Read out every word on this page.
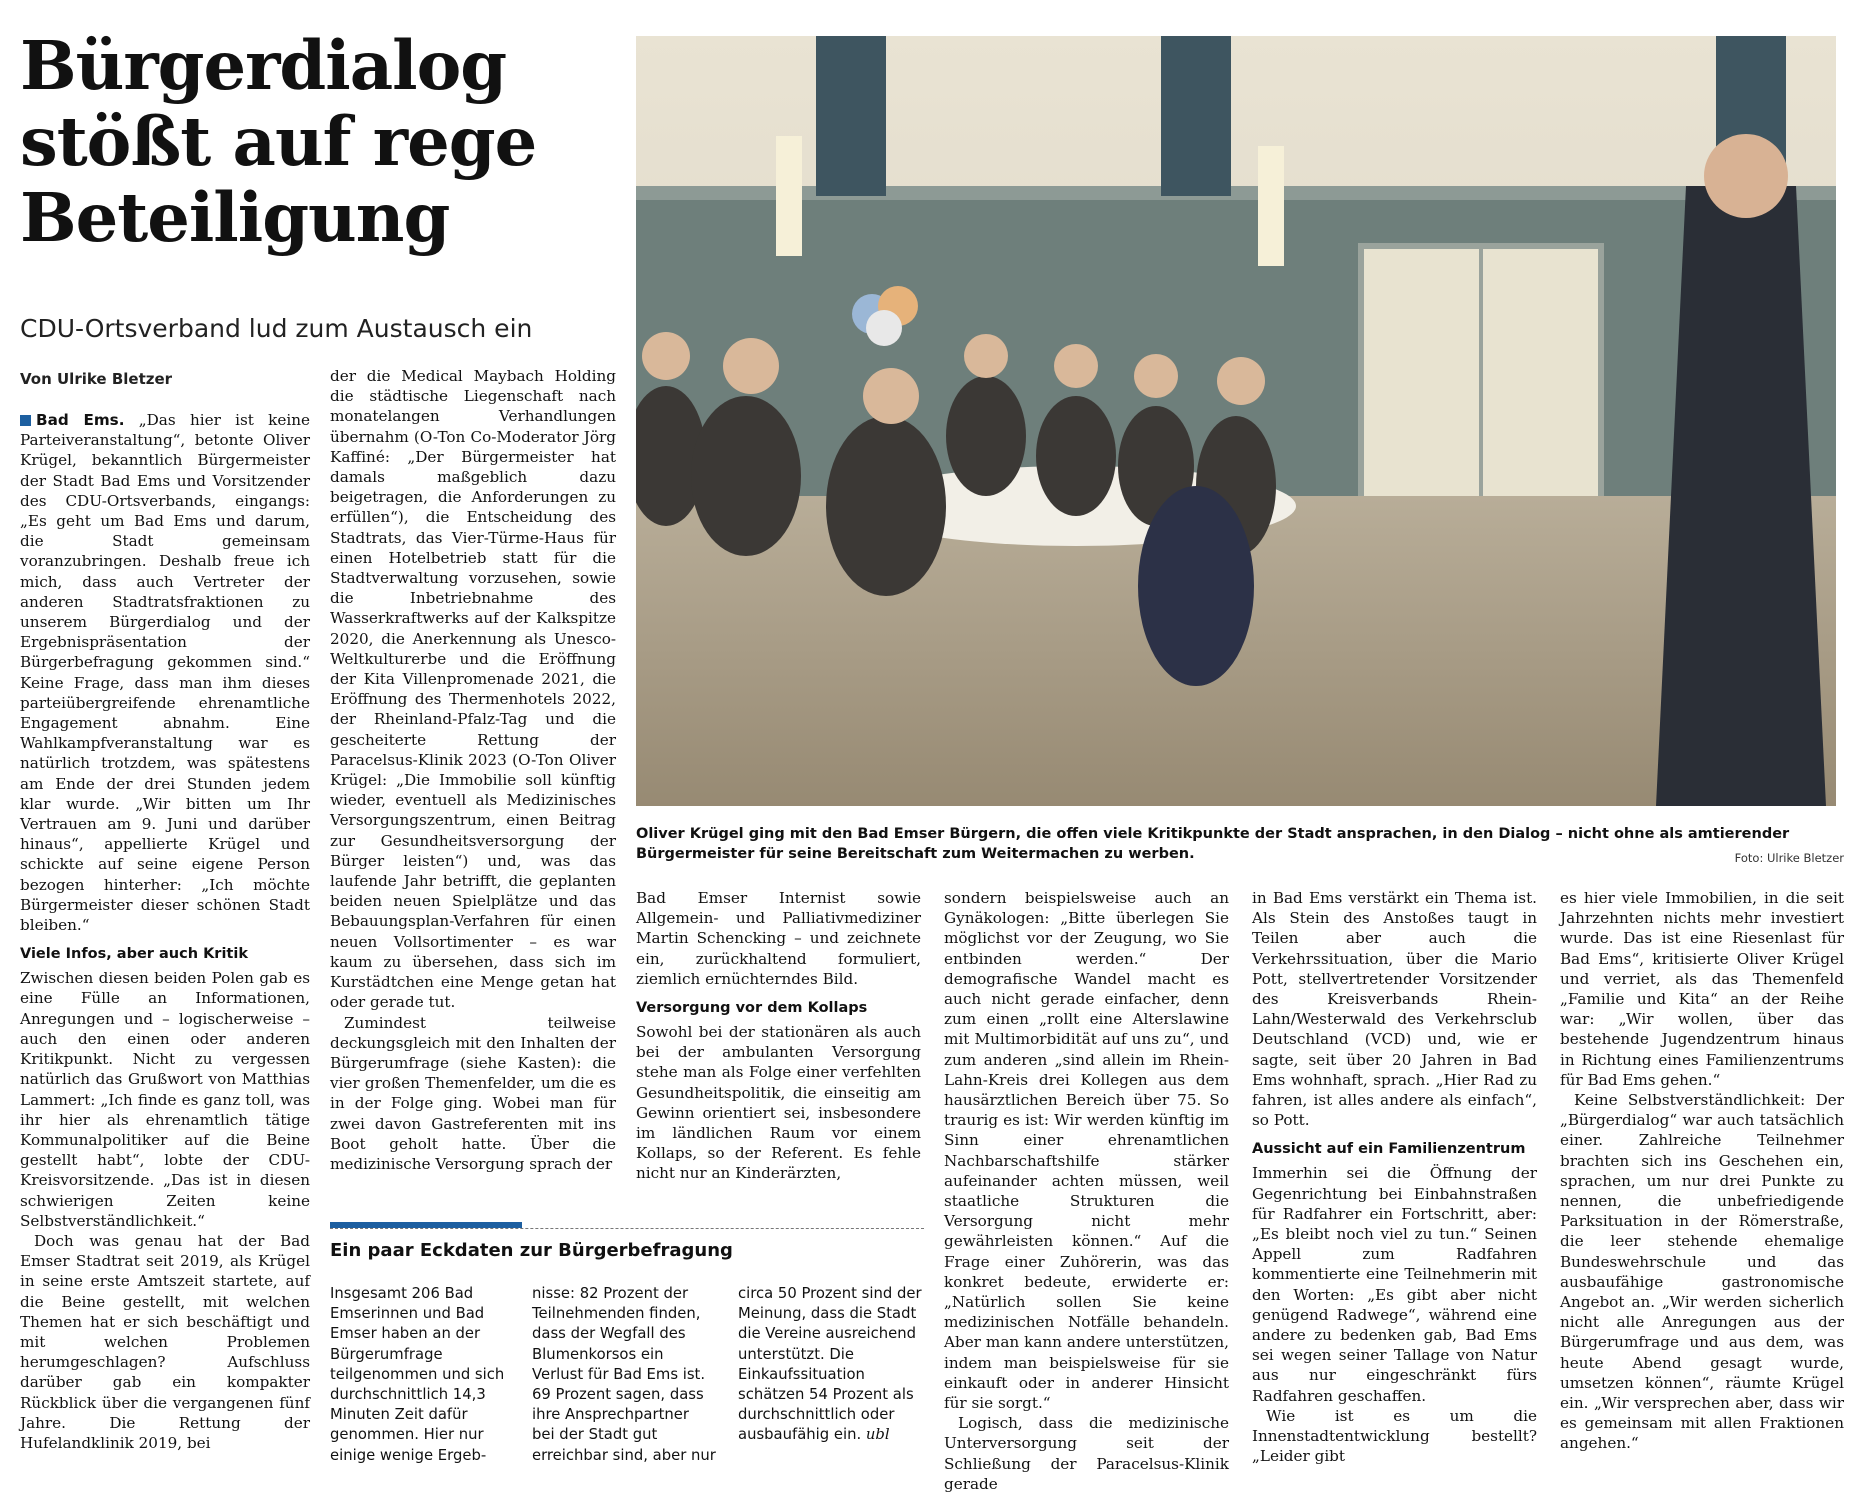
Bürgerdialog stößt auf rege Beteiligung
CDU-Ortsverband lud zum Austausch ein
Von Ulrike Bletzer

Bad Ems. „Das hier ist keine Parteiveranstaltung“, betonte Oliver Krügel, bekanntlich Bürgermeister der Stadt Bad Ems und Vorsitzender des CDU-Ortsverbands, eingangs: „Es geht um Bad Ems und darum, die Stadt gemeinsam voranzubringen. Deshalb freue ich mich, dass auch Vertreter der anderen Stadtratsfraktionen zu unserem Bürgerdialog und der Ergebnispräsentation der Bürgerbefragung gekommen sind.“ Keine Frage, dass man ihm dieses parteiübergreifende ehrenamtliche Engagement abnahm. Eine Wahlkampfveranstaltung war es natürlich trotzdem, was spätestens am Ende der drei Stunden jedem klar wurde. „Wir bitten um Ihr Vertrauen am 9. Juni und darüber hinaus“, appellierte Krügel und schickte auf seine eigene Person bezogen hinterher: „Ich möchte Bürgermeister dieser schönen Stadt bleiben.“

Viele Infos, aber auch Kritik

Zwischen diesen beiden Polen gab es eine Fülle an Informationen, Anregungen und – logischerweise – auch den einen oder anderen Kritikpunkt. Nicht zu vergessen natürlich das Grußwort von Matthias Lammert: „Ich finde es ganz toll, was ihr hier als ehrenamtlich tätige Kommunalpolitiker auf die Beine gestellt habt“, lobte der CDU-Kreisvorsitzende. „Das ist in diesen schwierigen Zeiten keine Selbstverständlichkeit.“

Doch was genau hat der Bad Emser Stadtrat seit 2019, als Krügel in seine erste Amtszeit startete, auf die Beine gestellt, mit welchen Themen hat er sich beschäftigt und mit welchen Problemen herumgeschlagen? Aufschluss darüber gab ein kompakter Rückblick über die vergangenen fünf Jahre. Die Rettung der Hufelandklinik 2019, bei

der die Medical Maybach Holding die städtische Liegenschaft nach monatelangen Verhandlungen übernahm (O-Ton Co-Moderator Jörg Kaffiné: „Der Bürgermeister hat damals maßgeblich dazu beigetragen, die Anforderungen zu erfüllen“), die Entscheidung des Stadtrats, das Vier-Türme-Haus für einen Hotelbetrieb statt für die Stadtverwaltung vorzusehen, sowie die Inbetriebnahme des Wasserkraftwerks auf der Kalkspitze 2020, die Anerkennung als Unesco-Weltkulturerbe und die Eröffnung der Kita Villenpromenade 2021, die Eröffnung des Thermenhotels 2022, der Rheinland-Pfalz-Tag und die gescheiterte Rettung der Paracelsus-Klinik 2023 (O-Ton Oliver Krügel: „Die Immobilie soll künftig wieder, eventuell als Medizinisches Versorgungszentrum, einen Beitrag zur Gesundheitsversorgung der Bürger leisten“) und, was das laufende Jahr betrifft, die geplanten beiden neuen Spielplätze und das Bebauungsplan-Verfahren für einen neuen Vollsortimenter – es war kaum zu übersehen, dass sich im Kurstädtchen eine Menge getan hat oder gerade tut.

Zumindest teilweise deckungsgleich mit den Inhalten der Bürgerumfrage (siehe Kasten): die vier großen Themenfelder, um die es in der Folge ging. Wobei man für zwei davon Gastreferenten mit ins Boot geholt hatte. Über die medizinische Versorgung sprach der

Oliver Krügel ging mit den Bad Emser Bürgern, die offen viele Kritikpunkte der Stadt ansprachen, in den Dialog – nicht ohne als amtierender Bürgermeister für seine Bereitschaft zum Weitermachen zu werben.	Foto: Ulrike Bletzer

Bad Emser Internist sowie Allgemein- und Palliativmediziner Martin Schencking – und zeichnete ein, zurückhaltend formuliert, ziemlich ernüchterndes Bild.

Versorgung vor dem Kollaps

Sowohl bei der stationären als auch bei der ambulanten Versorgung stehe man als Folge einer verfehlten Gesundheitspolitik, die einseitig am Gewinn orientiert sei, insbesondere im ländlichen Raum vor einem Kollaps, so der Referent. Es fehle nicht nur an Kinderärzten,

sondern beispielsweise auch an Gynäkologen: „Bitte überlegen Sie möglichst vor der Zeugung, wo Sie entbinden werden.“ Der demografische Wandel macht es auch nicht gerade einfacher, denn zum einen „rollt eine Alterslawine mit Multimorbidität auf uns zu“, und zum anderen „sind allein im Rhein-Lahn-Kreis drei Kollegen aus dem hausärztlichen Bereich über 75. So traurig es ist: Wir werden künftig im Sinn einer ehrenamtlichen Nachbarschaftshilfe stärker aufeinander achten müssen, weil staatliche Strukturen die Versorgung nicht mehr gewährleisten können.“ Auf die Frage einer Zuhörerin, was das konkret bedeute, erwiderte er: „Natürlich sollen Sie keine medizinischen Notfälle behandeln. Aber man kann andere unterstützen, indem man beispielsweise für sie einkauft oder in anderer Hinsicht für sie sorgt.“

Logisch, dass die medizinische Unterversorgung seit der Schließung der Paracelsus-Klinik gerade

in Bad Ems verstärkt ein Thema ist. Als Stein des Anstoßes taugt in Teilen aber auch die Verkehrssituation, über die Mario Pott, stellvertretender Vorsitzender des Kreisverbands Rhein-Lahn/Westerwald des Verkehrsclub Deutschland (VCD) und, wie er sagte, seit über 20 Jahren in Bad Ems wohnhaft, sprach. „Hier Rad zu fahren, ist alles andere als einfach“, so Pott.

Aussicht auf ein Familienzentrum

Immerhin sei die Öffnung der Gegenrichtung bei Einbahnstraßen für Radfahrer ein Fortschritt, aber: „Es bleibt noch viel zu tun.“ Seinen Appell zum Radfahren kommentierte eine Teilnehmerin mit den Worten: „Es gibt aber nicht genügend Radwege“, während eine andere zu bedenken gab, Bad Ems sei wegen seiner Tallage von Natur aus nur eingeschränkt fürs Radfahren geschaffen.

Wie ist es um die Innenstadtentwicklung bestellt? „Leider gibt

es hier viele Immobilien, in die seit Jahrzehnten nichts mehr investiert wurde. Das ist eine Riesenlast für Bad Ems“, kritisierte Oliver Krügel und verriet, als das Themenfeld „Familie und Kita“ an der Reihe war: „Wir wollen, über das bestehende Jugendzentrum hinaus in Richtung eines Familienzentrums für Bad Ems gehen.“

Keine Selbstverständlichkeit: Der „Bürgerdialog“ war auch tatsächlich einer. Zahlreiche Teilnehmer brachten sich ins Geschehen ein, sprachen, um nur drei Punkte zu nennen, die unbefriedigende Parksituation in der Römerstraße, die leer stehende ehemalige Bundeswehrschule und das ausbaufähige gastronomische Angebot an. „Wir werden sicherlich nicht alle Anregungen aus der Bürgerumfrage und aus dem, was heute Abend gesagt wurde, umsetzen können“, räumte Krügel ein. „Wir versprechen aber, dass wir es gemeinsam mit allen Fraktionen angehen.“

Ein paar Eckdaten zur Bürgerbefragung

Insgesamt 206 Bad Emserinnen und Bad Emser haben an der Bürgerumfrage teilgenommen und sich durchschnittlich 14,3 Minuten Zeit dafür genommen. Hier nur einige wenige Ergeb-

nisse: 82 Prozent der Teilnehmenden finden, dass der Wegfall des Blumenkorsos ein Verlust für Bad Ems ist. 69 Prozent sagen, dass ihre Ansprechpartner bei der Stadt gut erreichbar sind, aber nur

circa 50 Prozent sind der Meinung, dass die Stadt die Vereine ausreichend unterstützt. Die Einkaufssituation schätzen 54 Prozent als durchschnittlich oder ausbaufähig ein. ubl
